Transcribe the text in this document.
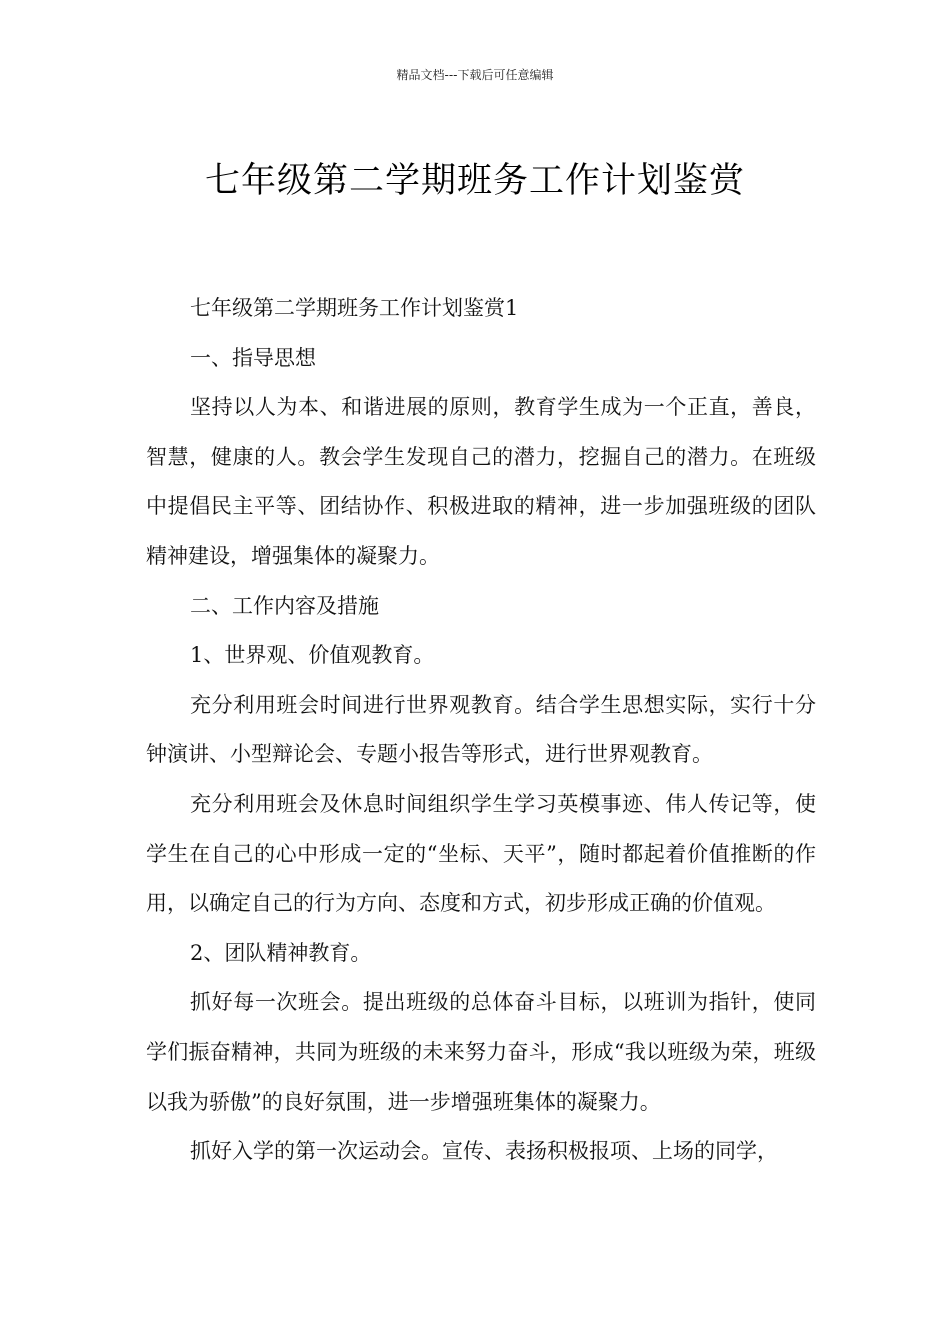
精品文档---下载后可任意编辑
七年级第二学期班务工作计划鉴赏

七年级第二学期班务工作计划鉴赏1

一、指导思想

坚持以人为本、和谐进展的原则，教育学生成为一个正直，善良，智慧，健康的人。教会学生发现自己的潜力，挖掘自己的潜力。在班级中提倡民主平等、团结协作、积极进取的精神，进一步加强班级的团队精神建设，增强集体的凝聚力。

二、工作内容及措施

1、世界观、价值观教育。

充分利用班会时间进行世界观教育。结合学生思想实际，实行十分钟演讲、小型辩论会、专题小报告等形式，进行世界观教育。

充分利用班会及休息时间组织学生学习英模事迹、伟人传记等，使学生在自己的心中形成一定的“坐标、天平”，随时都起着价值推断的作用，以确定自己的行为方向、态度和方式，初步形成正确的价值观。

2、团队精神教育。

抓好每一次班会。提出班级的总体奋斗目标，以班训为指针，使同学们振奋精神，共同为班级的未来努力奋斗，形成“我以班级为荣，班级以我为骄傲”的良好氛围，进一步增强班集体的凝聚力。

抓好入学的第一次运动会。宣传、表扬积极报项、上场的同学，
